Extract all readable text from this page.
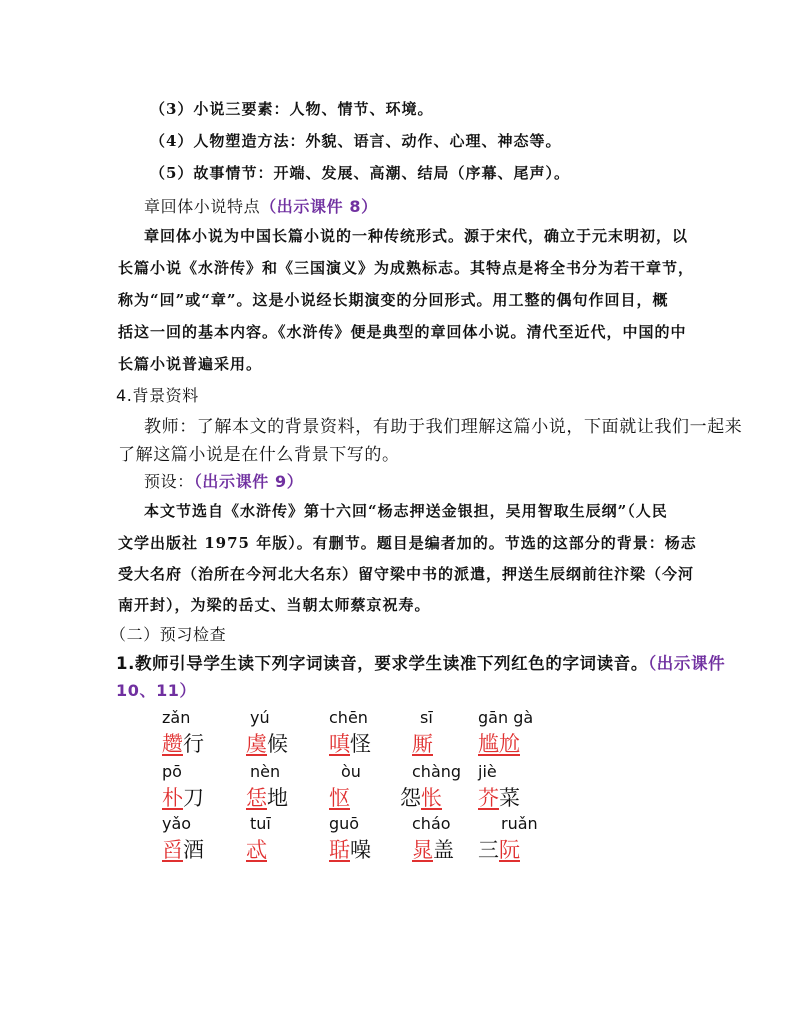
（3）小说三要素：人物、情节、环境。
（4）人物塑造方法：外貌、语言、动作、心理、神态等。
（5）故事情节：开端、发展、高潮、结局（序幕、尾声）。
章回体小说特点（出示课件 8）
章回体小说为中国长篇小说的一种传统形式。源于宋代，确立于元末明初，以
长篇小说《水浒传》和《三国演义》为成熟标志。其特点是将全书分为若干章节，
称为“回”或“章”。这是小说经长期演变的分回形式。用工整的偶句作回目，概
括这一回的基本内容。《水浒传》便是典型的章回体小说。清代至近代，中国的中
长篇小说普遍采用。
4.背景资料
教师：了解本文的背景资料，有助于我们理解这篇小说，下面就让我们一起来
了解这篇小说是在什么背景下写的。
预设：（出示课件 9）
本文节选自《水浒传》第十六回“杨志押送金银担，吴用智取生辰纲”（人民
文学出版社 1975 年版）。有删节。题目是编者加的。节选的这部分的背景：杨志
受大名府（治所在今河北大名东）留守梁中书的派遣，押送生辰纲前往汴梁（今河
南开封），为梁的岳丈、当朝太师蔡京祝寿。
（二）预习检查
1.教师引导学生读下列字词读音，要求学生读准下列红色的字词读音。（出示课件
10、11）
zǎn
趱行
yú
虞候
chēn
嗔怪
sī
厮
gān gà
尴尬
pō
朴刀
nèn
恁地
òu
怄
chàng
怨怅
jiè
芥菜
yǎo
舀酒
tuī
忒
guō
聒噪
cháo
晁盖
ruǎn
三阮
